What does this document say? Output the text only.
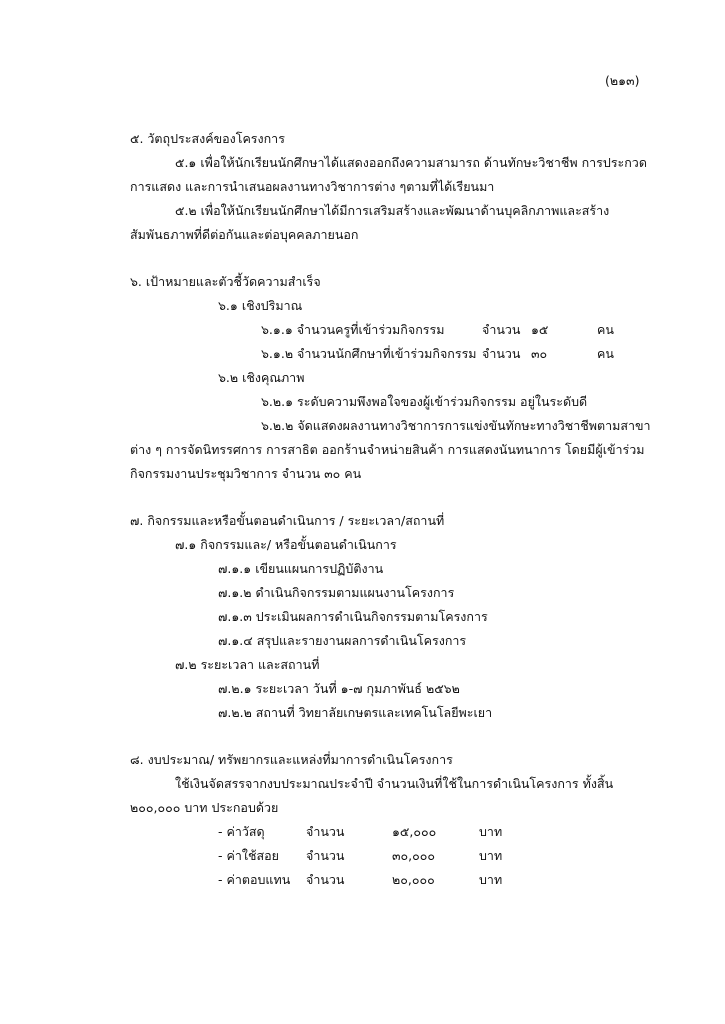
(๒๑๓)
๕. วัตถุประสงค์ของโครงการ
๕.๑ เพื่อให้นักเรียนนักศึกษาได้แสดงออกถึงความสามารถ ด้านทักษะวิชาชีพ การประกวด
การแสดง และการนำเสนอผลงานทางวิชาการต่าง ๆตามที่ได้เรียนมา
๕.๒ เพื่อให้นักเรียนนักศึกษาได้มีการเสริมสร้างและพัฒนาด้านบุคลิกภาพและสร้าง
สัมพันธภาพที่ดีต่อกันและต่อบุคคลภายนอก
๖. เป้าหมายและตัวชี้วัดความสำเร็จ
๖.๑ เชิงปริมาณ
๖.๑.๑ จำนวนครูที่เข้าร่วมกิจกรรม	จำนวน ๑๕	คน
๖.๑.๒ จำนวนนักศึกษาที่เข้าร่วมกิจกรรม จำนวน ๓๐	คน
๖.๒ เชิงคุณภาพ
๖.๒.๑ ระดับความพึงพอใจของผู้เข้าร่วมกิจกรรม อยู่ในระดับดี
๖.๒.๒ จัดแสดงผลงานทางวิชาการการแข่งขันทักษะทางวิชาชีพตามสาขา
ต่าง ๆ การจัดนิทรรศการ การสาธิต ออกร้านจำหน่ายสินค้า การแสดงนันทนาการ โดยมีผู้เข้าร่วม
กิจกรรมงานประชุมวิชาการ จำนวน ๓๐ คน
๗. กิจกรรมและหรือขั้นตอนดำเนินการ / ระยะเวลา/สถานที่
๗.๑ กิจกรรมและ/ หรือขั้นตอนดำเนินการ
๗.๑.๑ เขียนแผนการปฏิบัติงาน
๗.๑.๒ ดำเนินกิจกรรมตามแผนงานโครงการ
๗.๑.๓ ประเมินผลการดำเนินกิจกรรมตามโครงการ
๗.๑.๔ สรุปและรายงานผลการดำเนินโครงการ
๗.๒ ระยะเวลา และสถานที่
๗.๒.๑ ระยะเวลา วันที่ ๑-๗ กุมภาพันธ์ ๒๕๖๒
๗.๒.๒ สถานที่ วิทยาลัยเกษตรและเทคโนโลยีพะเยา
๘. งบประมาณ/ ทรัพยากรและแหล่งที่มาการดำเนินโครงการ
ใช้เงินจัดสรรจากงบประมาณประจำปี จำนวนเงินที่ใช้ในการดำเนินโครงการ ทั้งสิ้น
๒๐๐,๐๐๐ บาท ประกอบด้วย
- ค่าวัสดุ	จำนวน	๑๕,๐๐๐	บาท
- ค่าใช้สอย จำนวน	๓๐,๐๐๐	บาท
- ค่าตอบแทน จำนวน	๒๐,๐๐๐	บาท
